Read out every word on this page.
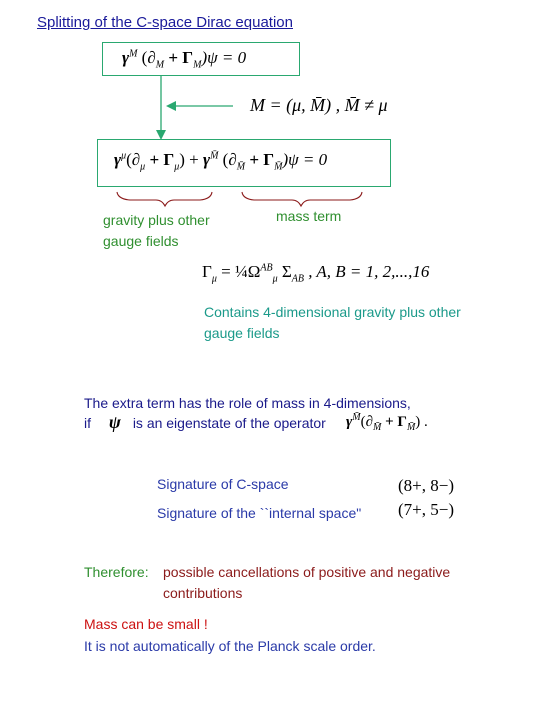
Splitting of the C-space Dirac equation
$\gamma^M$ $(\partial_M + \Gamma_M)\psi = 0$
M = (μ, M̄) , M̄ ≠ μ
$\gamma^\mu(\partial_\mu + \Gamma_\mu) + \gamma^{M̄}$ $(\partial_{M̄} + \Gamma_{M̄})\psi = 0$
gravity plus other
gauge fields
mass term
$\Gamma_\mu$ = $\frac{1}{4}\Omega^{AB}_\mu$ $\Sigma_{AB}$ , A, B = 1, 2,...,16
Contains 4-dimensional gravity plus other
gauge fields
The extra term has the role of mass in 4-dimensions,
if ψ is an eigenstate of the operator $\gamma^{M̄}(\partial_{M̄} + \Gamma_{M̄})$ .
Signature of C-space	(8+, 8−)
Signature of the ``internal space" (7+, 5−)
Therefore: possible cancellations of positive and negative
contributions
Mass can be small !
It is not automatically of the Planck scale order.
